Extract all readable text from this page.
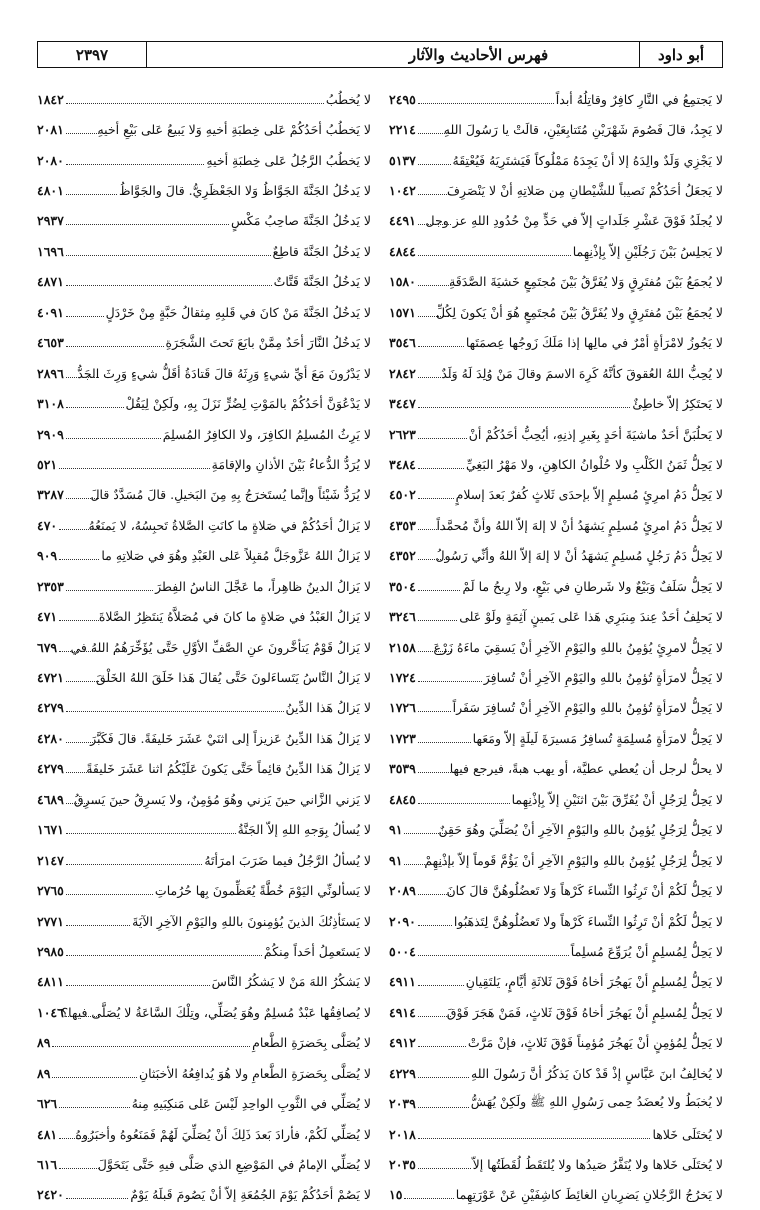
أبو داود
فهرس الأحاديث والآثار
٢٣٩٧
لا يَجتمِعُ في النَّارِ كافِرٌ وقاتِلُهُ أبداً
٢٤٩٥
لا يَجِدُ، قالَ فَصُومَ شَهْرَيْنِ مُتَتابِعَيْنِ، قالَتْ يا رَسُولَ اللهِ
٢٢١٤
لا يَجْزِي وَلَدٌ والِدَهُ إلا أنْ يَجِدَهُ مَمْلُوكاً فَيَشتَرِيَهُ فَيُعْتِقَهُ
٥١٣٧
لا يَجعَلُ أحَدُكُمْ نَصيباً للشَّيْطانِ مِن صَلاتِهِ أنْ لا يَنْصَرِفَ
١٠٤٢
لا يُجلَدُ فَوْقَ عَشْرِ جَلَداتٍ إلاّ في حَدٍّ مِنْ حُدُودِ اللهِ عز وجل
٤٤٩١
لا يَجلِسُ بَيْنَ رَجُلَيْنِ إلاّ بِإذْنِهِما
٤٨٤٤
لا يُجمَعُ بَيْنَ مُفتَرِقٍ وَلا يُفَرَّقُ بَيْنَ مُجتَمِعٍ خَشيَةَ الصَّدَقَةِ
١٥٨٠
لا يُجمَعُ بَيْنَ مُفتَرِقٍ ولا يُفَرَّقُ بَيْنَ مُجتَمِعٍ هُوَ أنْ يَكونَ لِكُلِّ
١٥٧١
لا يَجُوزُ لامْرَأةٍ أمْرٌ في مالِها إذا مَلَكَ زَوجُها عِصمَتَها
٣٥٤٦
لا يُحِبُّ اللهُ العُقوقَ كأنَّهُ كَرِهَ الاسمَ وقالَ مَنْ وُلِدَ لَهُ وَلَدٌ
٢٨٤٢
لا يَحتَكِرُ إلاّ خاطِئٌ
٣٤٤٧
لا يَحلُبَنَّ أحَدٌ ماشيَةَ أحَدٍ بِغَيرِ إذنِهِ، أيُحِبُّ أحَدُكُمْ أنْ
٢٦٢٣
لا يَحِلُّ ثَمَنُ الكَلْبِ ولا حُلْوانُ الكاهِنِ، ولا مَهْرُ البَغِيِّ
٣٤٨٤
لا يَحِلُّ دَمُ امرِئٍ مُسلِمٍ إلاّ بإحدَى ثَلاثٍ كُفرٌ بَعدَ إسلامٍ
٤٥٠٢
لا يَحِلُّ دَمُ امرِئٍ مُسلِمٍ يَشهَدُ أنْ لا إلهَ إلاّ اللهُ وأنَّ مُحمَّداً
٤٣٥٣
لا يَحِلُّ دَمُ رَجُلٍ مُسلِمٍ يَشهَدُ أنْ لا إلهَ إلاّ اللهُ وأنِّي رَسُولُ
٤٣٥٢
لا يَحِلُّ سَلَفٌ وَبَيْعٌ ولا شَرطانِ في بَيْعٍ، ولا رِبحُ ما لَمْ
٣٥٠٤
لا يَحلِفُ أحَدٌ عِندَ مِنبَرِي هَذا عَلى يَمينٍ آثِمَةٍ ولَوْ عَلى
٣٢٤٦
لا يَحِلُّ لامرِئٍ يُؤمِنُ باللهِ واليَوْمِ الآخِرِ أنْ يَسقِيَ ماءَهُ زَرْعَ
٢١٥٨
لا يَحِلُّ لامرَأةٍ تُؤمِنُ باللهِ واليَوْمِ الآخِرِ أنْ تُسافِرَ
١٧٢٤
لا يَحِلُّ لامرَأةٍ تُؤمِنُ باللهِ واليَوْمِ الآخِرِ أنْ تُسافِرَ سَفَراً
١٧٢٦
لا يَحِلُّ لامرَأةٍ مُسلِمَةٍ تُسافِرُ مَسيرَةَ لَيلَةٍ إلاّ ومَعَها
١٧٢٣
لا يحلُّ لرجل أن يُعطي عطيَّة، أو يهب هبةً، فيرجع فيها
٣٥٣٩
لا يَحِلُّ لِرَجُلٍ أنْ يُفَرِّقَ بَيْنَ اثنَيْنِ إلاّ بِإذْنِهِما
٤٨٤٥
لا يَحِلُّ لِرَجُلٍ يُؤمِنُ باللهِ واليَوْمِ الآخِرِ أنْ يُصَلِّيَ وهُوَ حَقِنٌ
٩١
لا يَحِلُّ لِرَجُلٍ يُؤمِنُ باللهِ واليَوْمِ الآخِرِ أنْ يَؤُمَّ قَوماً إلاّ بإذْنِهِمْ
٩١
لا يَحِلُّ لَكُمْ أنْ تَرِثُوا النِّساءَ كَرْهاً وَلا تَعضُلُوهُنَّ قالَ كانَ
٢٠٨٩
لا يَحِلُّ لَكُمْ أنْ تَرِثُوا النِّساءَ كَرْهاً ولا تَعضُلُوهُنَّ لِتَذهَبُوا
٢٠٩٠
لا يَحِلُّ لِمُسلِمٍ أنْ يُرَوِّعَ مُسلِماً
٥٠٠٤
لا يَحِلُّ لِمُسلِمٍ أنْ يَهجُرَ أخاهُ فَوْقَ ثَلاثَةِ أيَّامٍ، يَلتَقِيانِ
٤٩١١
لا يَحِلُّ لِمُسلِمٍ أنْ يَهجُرَ أخاهُ فَوْقَ ثَلاثٍ، فَمَنْ هَجَرَ فَوْقَ
٤٩١٤
لا يَحِلُّ لِمُؤمِنٍ أنْ يَهجُرَ مُؤمِناً فَوْقَ ثَلاثٍ، فإنْ مَرَّتْ
٤٩١٢
لا يُخالِفُ ابنَ عَبَّاسٍ إذْ قَدْ كانَ يَذكُرُ أنَّ رَسُولَ اللهِ
٤٢٢٩
لا يُخبَطُ ولا يُعضَدُ حِمى رَسُولِ اللهِ ﷺ ولَكِنْ يُهَشُّ
٢٠٣٩
لا يُختَلَى خَلاها
٢٠١٨
لا يُختَلَى خَلاها ولا يُنَفَّرُ صَيدُها ولا يُلتَقَطُ لُقَطَتُها إلاّ
٢٠٣٥
لا يَخرُجُ الرَّجُلانِ يَضرِبانِ الغائِطَ كاشِفَيْنِ عَنْ عَوْرَتِهِما
١٥
لا يُخطُبُ
١٨٤٢
لا يَخطُبُ أحَدُكُمْ عَلى خِطبَةِ أخيهِ وَلا يَبيعُ عَلى بَيْعِ أخيهِ
٢٠٨١
لا يَخطُبُ الرَّجُلُ عَلى خِطبَةِ أخيهِ
٢٠٨٠
لا يَدخُلُ الجَنَّةَ الجَوَّاظُ وَلا الجَعْظَرِيُّ. قالَ والجَوَّاظُ
٤٨٠١
لا يَدخُلُ الجَنَّةَ صاحِبُ مَكْسٍ
٢٩٣٧
لا يَدخُلُ الجَنَّةَ قاطِعٌ
١٦٩٦
لا يَدخُلُ الجَنَّةَ قَتَّاتٌ
٤٨٧١
لا يَدخُلُ الجَنَّةَ مَنْ كانَ في قَلبِهِ مِثقالُ حَبَّةٍ مِنْ خَرْدَلٍ
٤٠٩١
لا يَدخُلُ النَّارَ أحَدٌ مِمَّنْ بايَعَ تَحتَ الشَّجَرَةِ
٤٦٥٣
لا يَدْرُونَ مَعَ أيِّ شيءٍ وَرِثَهُ قالَ قَتادَةُ أقَلُّ شيءٍ وَرِثَ الجَدُّ
٢٨٩٦
لا يَدْعُوَنَّ أحَدُكُمْ بالمَوْتِ لِضُرٍّ نَزَلَ بِهِ، ولَكِنْ لِيَقُلْ
٣١٠٨
لا يَرِثُ المُسلِمُ الكافِرَ، ولا الكافِرُ المُسلِمَ
٢٩٠٩
لا يُرَدُّ الدُّعاءُ بَيْنَ الأذانِ والإقامَةِ
٥٢١
لا يُرَدُّ شَيْئاً وإنَّما يُستَخرَجُ بِهِ مِنَ البَخيلِ. قالَ مُسَدَّدٌ قالَ
٣٢٨٧
لا يَزالُ أحَدُكُمْ في صَلاةٍ ما كانَتِ الصَّلاةُ تَحبِسُهُ، لا يَمنَعُهُ
٤٧٠
لا يَزالُ اللهُ عَزَّوجَلَّ مُقبِلاً عَلى العَبْدِ وهُوَ في صَلاتِهِ ما
٩٠٩
لا يَزالُ الدينُ ظاهِراً، ما عَجَّلَ الناسُ الفِطرَ
٢٣٥٣
لا يَزالُ العَبْدُ في صَلاةٍ ما كانَ في مُصَلاَّهُ يَنتَظِرُ الصَّلاةَ
٤٧١
لا يَزالُ قَوْمٌ يَتأخَّرونَ عنِ الصَّفِّ الأوَّلِ حَتَّى يُؤَخِّرَهُمُ اللهُ في
٦٧٩
لا يَزالُ النَّاسُ يَتَساءَلونَ حَتَّى يُقالَ هَذا خَلَقَ اللهُ الخَلْقَ
٤٧٢١
لا يَزالُ هَذا الدِّينُ
٤٢٧٩
لا يَزالُ هَذا الدِّينُ عَزيزاً إلى اثنَيْ عَشَرَ خَليفَةً. قالَ فَكَبَّرَ
٤٢٨٠
لا يَزالُ هَذا الدِّينُ قائِماً حَتَّى يَكونَ عَلَيْكُمُ اثنا عَشَرَ خَليفَةً
٤٢٧٩
لا يَزني الزَّاني حينَ يَزني وهُوَ مُؤمِنٌ، ولا يَسرِقُ حينَ يَسرِقُ
٤٦٨٩
لا يُسألُ بِوَجهِ اللهِ إلاّ الجَنَّةُ
١٦٧١
لا يُسألُ الرَّجُلُ فيما ضَرَبَ امرَأتَهُ
٢١٤٧
لا يَسألونِّي اليَوْمَ خُطَّةً يُعَظِّمونَ بِها حُرُماتِ
٢٧٦٥
لا يَستَأذِنُكَ الذينَ يُؤمِنونَ باللهِ واليَوْمِ الآخِرِ الآيَةَ
٢٧٧١
لا يَستَعمِلُ أحَداً مِنكُمْ
٢٩٨٥
لا يَشكُرُ اللهَ مَنْ لا يَشكُرُ النَّاسَ
٤٨١١
لا يُصافِقُها عَبْدٌ مُسلِمٌ وهُوَ يُصَلِّي، وتِلْكَ السَّاعَةُ لا يُصَلَّى فيها؟
١٠٤٦
لا يُصَلَّى بِحَضرَةِ الطَّعامِ
٨٩
لا يُصَلَّى بِحَضرَةِ الطَّعامِ ولا هُوَ يُدافِعُهُ الأخبَثانِ
٨٩
لا يُصَلِّي في الثَّوبِ الواحِدِ لَيْسَ عَلى مَنكِبَيهِ مِنهُ
٦٢٦
لا يُصَلِّي لَكُمْ، فأرادَ بَعدَ ذَلِكَ أنْ يُصَلِّيَ لَهُمْ فَمَنَعُوهُ وأخبَرُوهُ
٤٨١
لا يُصَلِّي الإمامُ في المَوْضِعِ الذي صَلَّى فيهِ حَتَّى يَتَحَوَّلَ
٦١٦
لا يَصُمْ أحَدُكُمْ يَوْمَ الجُمُعَةِ إلاّ أنْ يَصُومَ قَبلَهُ يَوْمٌ
٢٤٢٠
